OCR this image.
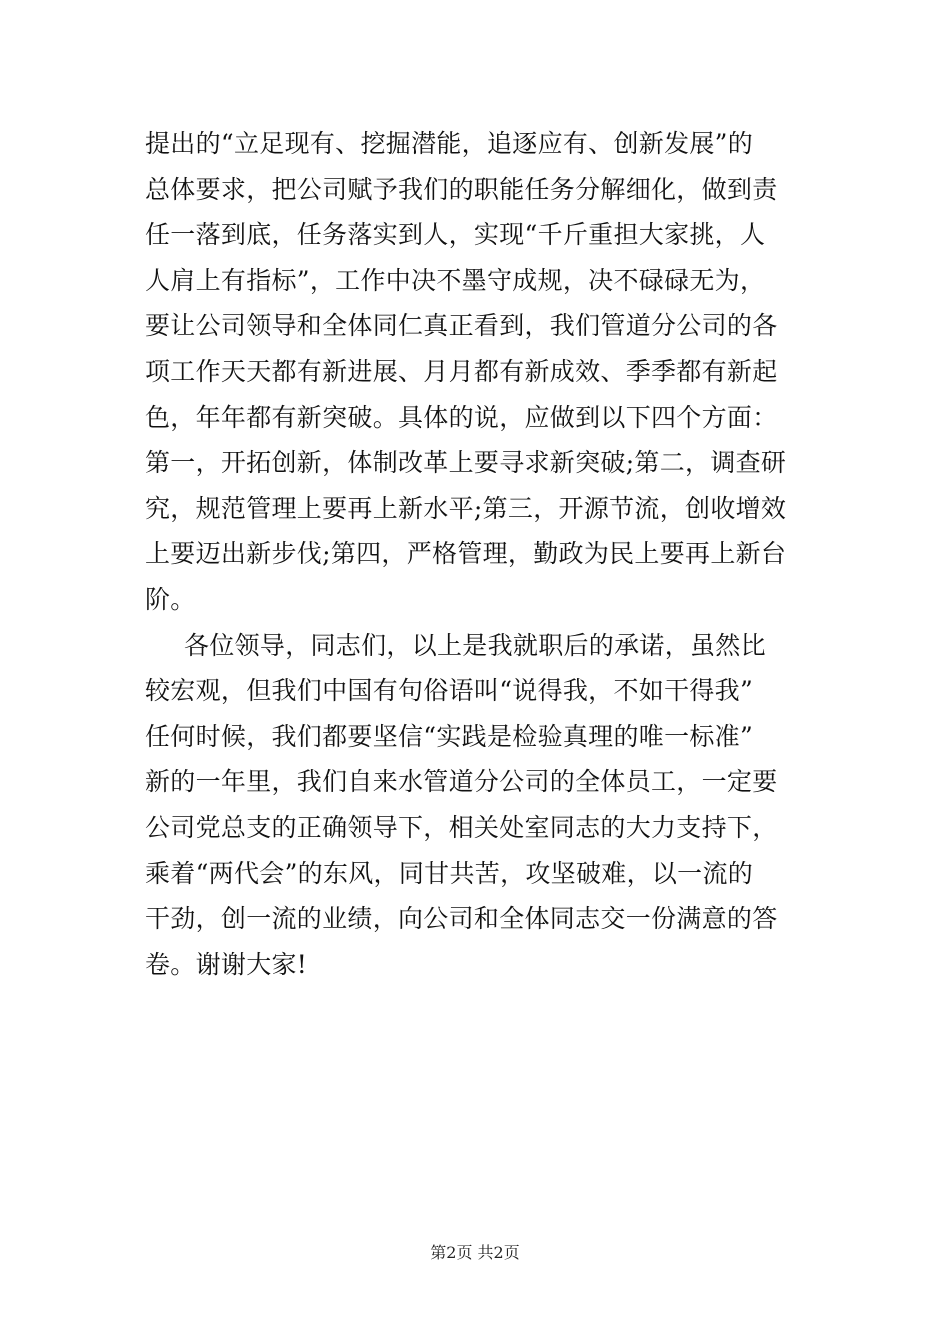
提出的“立足现有、挖掘潜能，追逐应有、创新发展”的
总体要求，把公司赋予我们的职能任务分解细化，做到责
任一落到底，任务落实到人，实现“千斤重担大家挑，人
人肩上有指标”，工作中决不墨守成规，决不碌碌无为，
要让公司领导和全体同仁真正看到，我们管道分公司的各
项工作天天都有新进展、月月都有新成效、季季都有新起
色，年年都有新突破。具体的说，应做到以下四个方面：
第一，开拓创新，体制改革上要寻求新突破;第二，调查研
究，规范管理上要再上新水平;第三，开源节流，创收增效
上要迈出新步伐;第四，严格管理，勤政为民上要再上新台
阶。
各位领导，同志们，以上是我就职后的承诺，虽然比
较宏观，但我们中国有句俗语叫“说得我，不如干得我”
任何时候，我们都要坚信“实践是检验真理的唯一标准”
新的一年里，我们自来水管道分公司的全体员工，一定要
公司党总支的正确领导下，相关处室同志的大力支持下，
乘着“两代会”的东风，同甘共苦，攻坚破难，以一流的
干劲，创一流的业绩，向公司和全体同志交一份满意的答
卷。谢谢大家!
第2页 共2页
